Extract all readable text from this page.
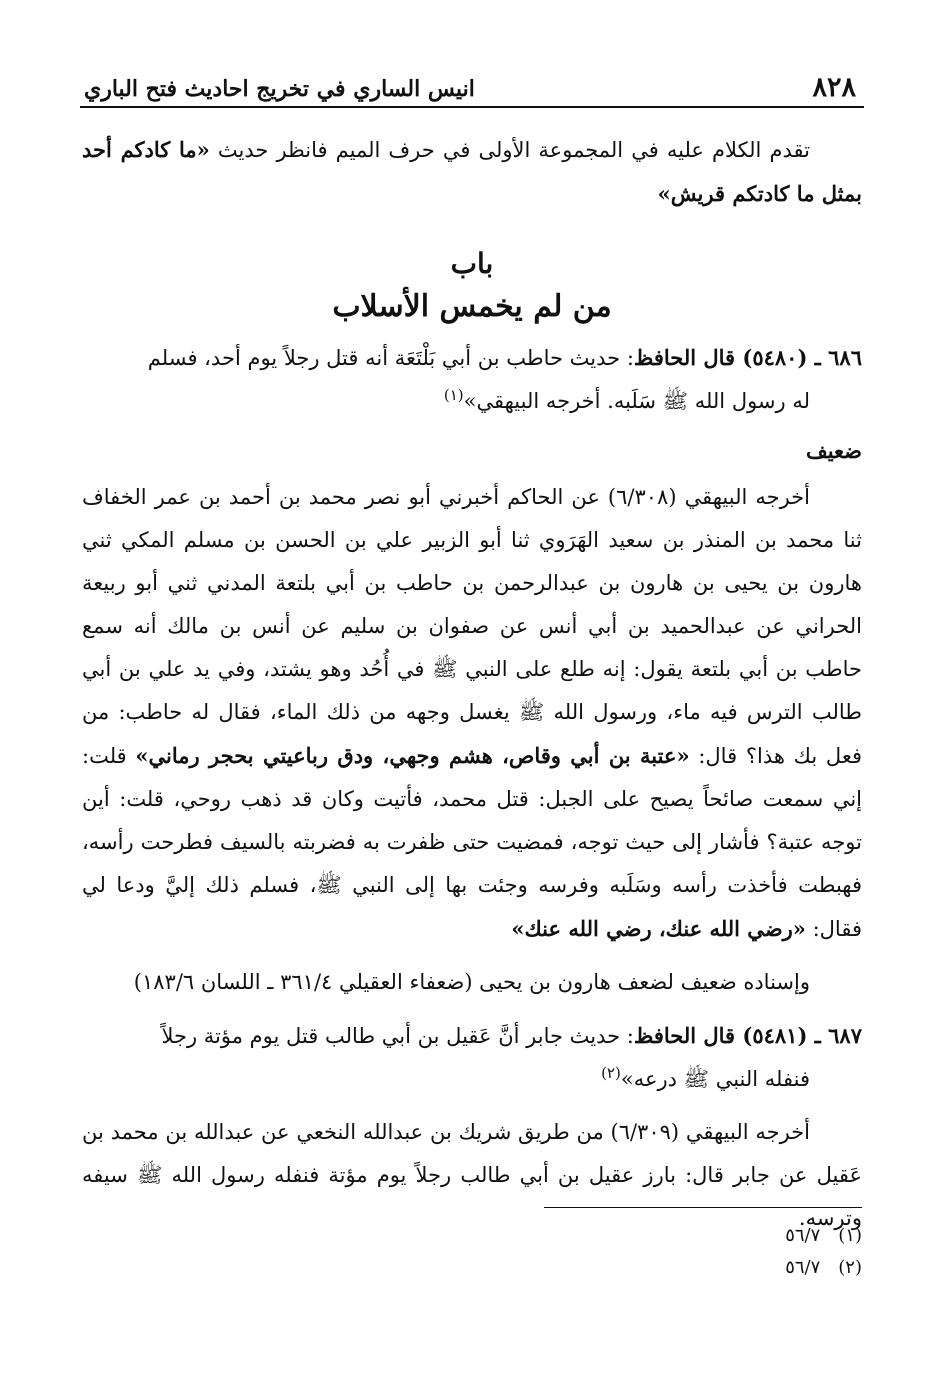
٨٢٨
انيس الساري في تخريج احاديث فتح الباري

تقدم الكلام عليه في المجموعة الأولى في حرف الميم فانظر حديث «ما كادكم أحد بمثل ما كادتكم قريش»

باب
من لم يخمس الأسلاب

٦٨٦ ـ (٥٤٨٠) قال الحافظ: حديث حاطب بن أبي بَلْتَعَة أنه قتل رجلاً يوم أحد، فسلم

له رسول الله ﷺ سَلَبه. أخرجه البيهقي»$^{(١)}$

ضعيف

أخرجه البيهقي (٦/٣٠٨) عن الحاكم أخبرني أبو نصر محمد بن أحمد بن عمر الخفاف ثنا محمد بن المنذر بن سعيد الهَرَوي ثنا أبو الزبير علي بن الحسن بن مسلم المكي ثني هارون بن يحيى بن هارون بن عبدالرحمن بن حاطب بن أبي بلتعة المدني ثني أبو ربيعة الحراني عن عبدالحميد بن أبي أنس عن صفوان بن سليم عن أنس بن مالك أنه سمع حاطب بن أبي بلتعة يقول: إنه طلع على النبي ﷺ في أُحُد وهو يشتد، وفي يد علي بن أبي طالب الترس فيه ماء، ورسول الله ﷺ يغسل وجهه من ذلك الماء، فقال له حاطب: من فعل بك هذا؟ قال: «عتبة بن أبي وقاص، هشم وجهي، ودق رباعيتي بحجر رماني» قلت: إني سمعت صائحاً يصيح على الجبل: قتل محمد، فأتيت وكان قد ذهب روحي، قلت: أين توجه عتبة؟ فأشار إلى حيث توجه، فمضيت حتى ظفرت به فضربته بالسيف فطرحت رأسه، فهبطت فأخذت رأسه وسَلَبه وفرسه وجئت بها إلى النبي ﷺ، فسلم ذلك إليَّ ودعا لي فقال: «رضي الله عنك، رضي الله عنك»

وإسناده ضعيف لضعف هارون بن يحيى (ضعفاء العقيلي ٣٦١/٤ ـ اللسان ١٨٣/٦)

٦٨٧ ـ (٥٤٨١) قال الحافظ: حديث جابر أنَّ عَقيل بن أبي طالب قتل يوم مؤتة رجلاً

فنفله النبي ﷺ درعه»$^{(٢)}$

أخرجه البيهقي (٦/٣٠٩) من طريق شريك بن عبدالله النخعي عن عبدالله بن محمد بن عَقيل عن جابر قال: بارز عقيل بن أبي طالب رجلاً يوم مؤتة فنفله رسول الله ﷺ سيفه وترسه.

(١)
٥٦/٧
(٢)
٥٦/٧
